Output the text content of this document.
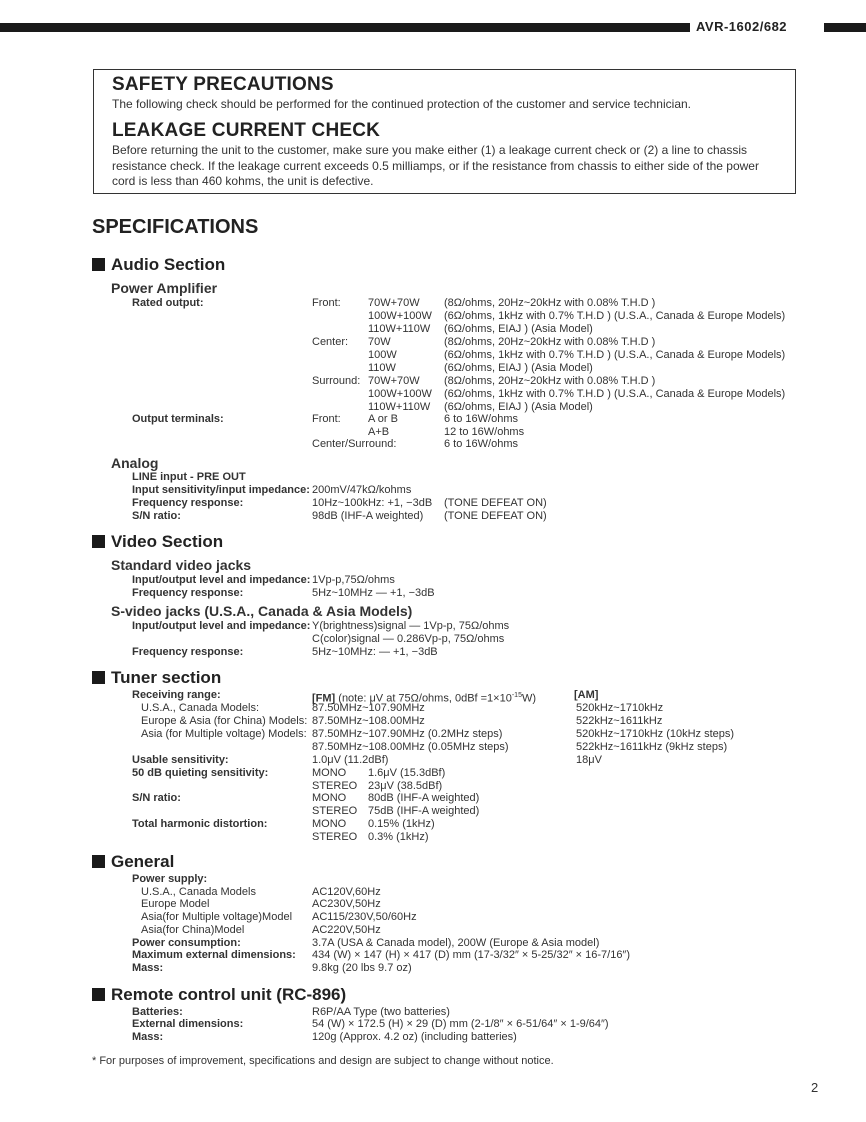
AVR-1602/682
SAFETY PRECAUTIONS
The following check should be performed for the continued protection of the customer and service technician.
LEAKAGE CURRENT CHECK
Before returning the unit to the customer, make sure you make either (1) a leakage current check or (2) a line to chassis resistance check. If the leakage current exceeds 0.5 milliamps, or if the resistance from chassis to either side of the power cord is less than 460 kohms, the unit is defective.
SPECIFICATIONS
Audio Section
Power Amplifier
Rated output:	Front: 70W+70W (8Ω/ohms, 20Hz~20kHz with 0.08% T.H.D )
100W+100W (6Ω/ohms, 1kHz with 0.7% T.H.D ) (U.S.A., Canada & Europe Models)
110W+110W (6Ω/ohms, EIAJ ) (Asia Model)
Center: 70W	(8Ω/ohms, 20Hz~20kHz with 0.08% T.H.D )
100W	(6Ω/ohms, 1kHz with 0.7% T.H.D ) (U.S.A., Canada & Europe Models)
110W	(6Ω/ohms, EIAJ ) (Asia Model)
Surround: 70W+70W (8Ω/ohms, 20Hz~20kHz with 0.08% T.H.D )
100W+100W (6Ω/ohms, 1kHz with 0.7% T.H.D ) (U.S.A., Canada & Europe Models)
110W+110W (6Ω/ohms, EIAJ ) (Asia Model)
Output terminals:	Front: A or B	6 to 16W/ohms
A+B	12 to 16W/ohms
Center/Surround:	6 to 16W/ohms
Analog
LINE input - PRE OUT
Input sensitivity/input impedance: 200mV/47kΩ/kohms
Frequency response:	10Hz~100kHz: +1, −3dB (TONE DEFEAT ON)
S/N ratio:	98dB (IHF-A weighted) (TONE DEFEAT ON)
Video Section
Standard video jacks
Input/output level and impedance: 1Vp-p,75Ω/ohms
Frequency response:	5Hz~10MHz — +1, −3dB
S-video jacks (U.S.A., Canada & Asia Models)
Input/output level and impedance: Y(brightness)signal — 1Vp-p, 75Ω/ohms
C(color)signal — 0.286Vp-p, 75Ω/ohms
Frequency response:	5Hz~10MHz: — +1, −3dB
Tuner section
Receiving range:	[FM] (note: μV at 75Ω/ohms, $0dBf =1\times 10^{-15}W$)	[AM]
U.S.A., Canada Models:	87.50MHz~107.90MHz	520kHz~1710kHz
Europe & Asia (for China) Models: 87.50MHz~108.00MHz	522kHz~1611kHz
Asia (for Multiple voltage) Models: 87.50MHz~107.90MHz (0.2MHz steps)	520kHz~1710kHz (10kHz steps)
87.50MHz~108.00MHz (0.05MHz steps)	522kHz~1611kHz (9kHz steps)
Usable sensitivity:	1.0μV (11.2dBf)	18μV
50 dB quieting sensitivity:	MONO 1.6μV (15.3dBf)
STEREO 23μV (38.5dBf)
S/N ratio:	MONO 80dB (IHF-A weighted)
STEREO 75dB (IHF-A weighted)
Total harmonic distortion:	MONO 0.15% (1kHz)
STEREO 0.3% (1kHz)
General
Power supply:
U.S.A., Canada Models	AC120V,60Hz
Europe Model	AC230V,50Hz
Asia(for Multiple voltage)Model AC115/230V,50/60Hz
Asia(for China)Model	AC220V,50Hz
Power consumption:	3.7A (USA & Canada model), 200W (Europe & Asia model)
Maximum external dimensions: 434 (W) × 147 (H) × 417 (D) mm (17-3/32″ × 5-25/32″ × 16-7/16″)
Mass:	9.8kg (20 lbs 9.7 oz)
Remote control unit (RC-896)
Batteries:	R6P/AA Type (two batteries)
External dimensions:	54 (W) × 172.5 (H) × 29 (D) mm (2-1/8″ × 6-51/64″ × 1-9/64″)
Mass:	120g (Approx. 4.2 oz) (including batteries)
* For purposes of improvement, specifications and design are subject to change without notice.
2
